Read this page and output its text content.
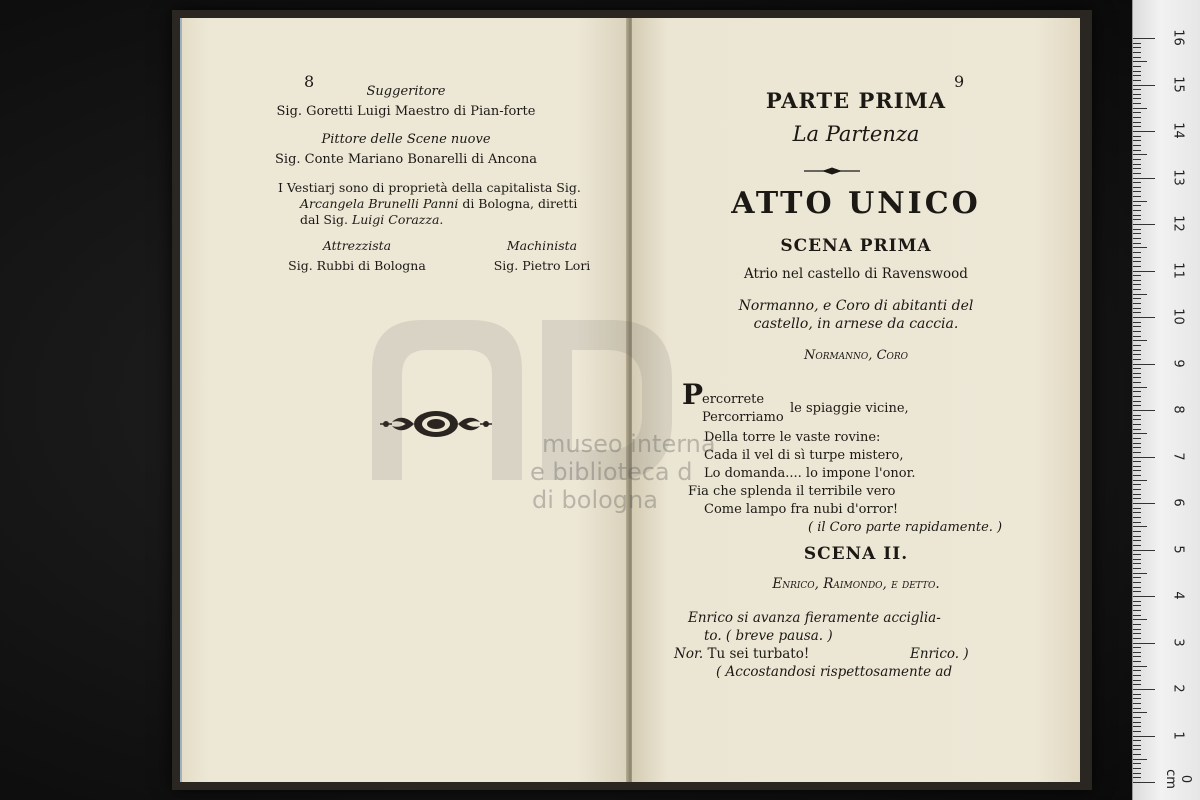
8
Suggeritore
Sig. Goretti Luigi Maestro di Pian-forte
Pittore delle Scene nuove
Sig. Conte Mariano Bonarelli di Ancona
I Vestiarj sono di proprietà della capitalista Sig.
Arcangela Brunelli Panni di Bologna, diretti
dal Sig. Luigi Corazza.
Attrezzista
Sig. Rubbi di Bologna
Machinista
Sig. Pietro Lori
9
PARTE PRIMA
La Partenza
ATTO UNICO
SCENA PRIMA
Atrio nel castello di Ravenswood
Normanno, e Coro di abitanti del
castello, in arnese da caccia.
Normanno, Coro
P
ercorrete
Percorriamo
le spiaggie vicine,
Della torre le vaste rovine:
Cada il vel di sì turpe mistero,
Lo domanda.... lo impone l'onor.
Fia che splenda il terribile vero
Come lampo fra nubi d'orror!
( il Coro parte rapidamente. )
SCENA II.
Enrico, Raimondo, e detto.
Enrico si avanza fieramente accigliа-
to. ( breve pausa. )
Nor. Tu sei turbato!	Enrico. )
( Accostandosi rispettosamente ad
museo interna
e biblioteca d
di bologna
16
15
14
13
12
11
10
9
8
7
6
5
4
3
2
1
0 cm
